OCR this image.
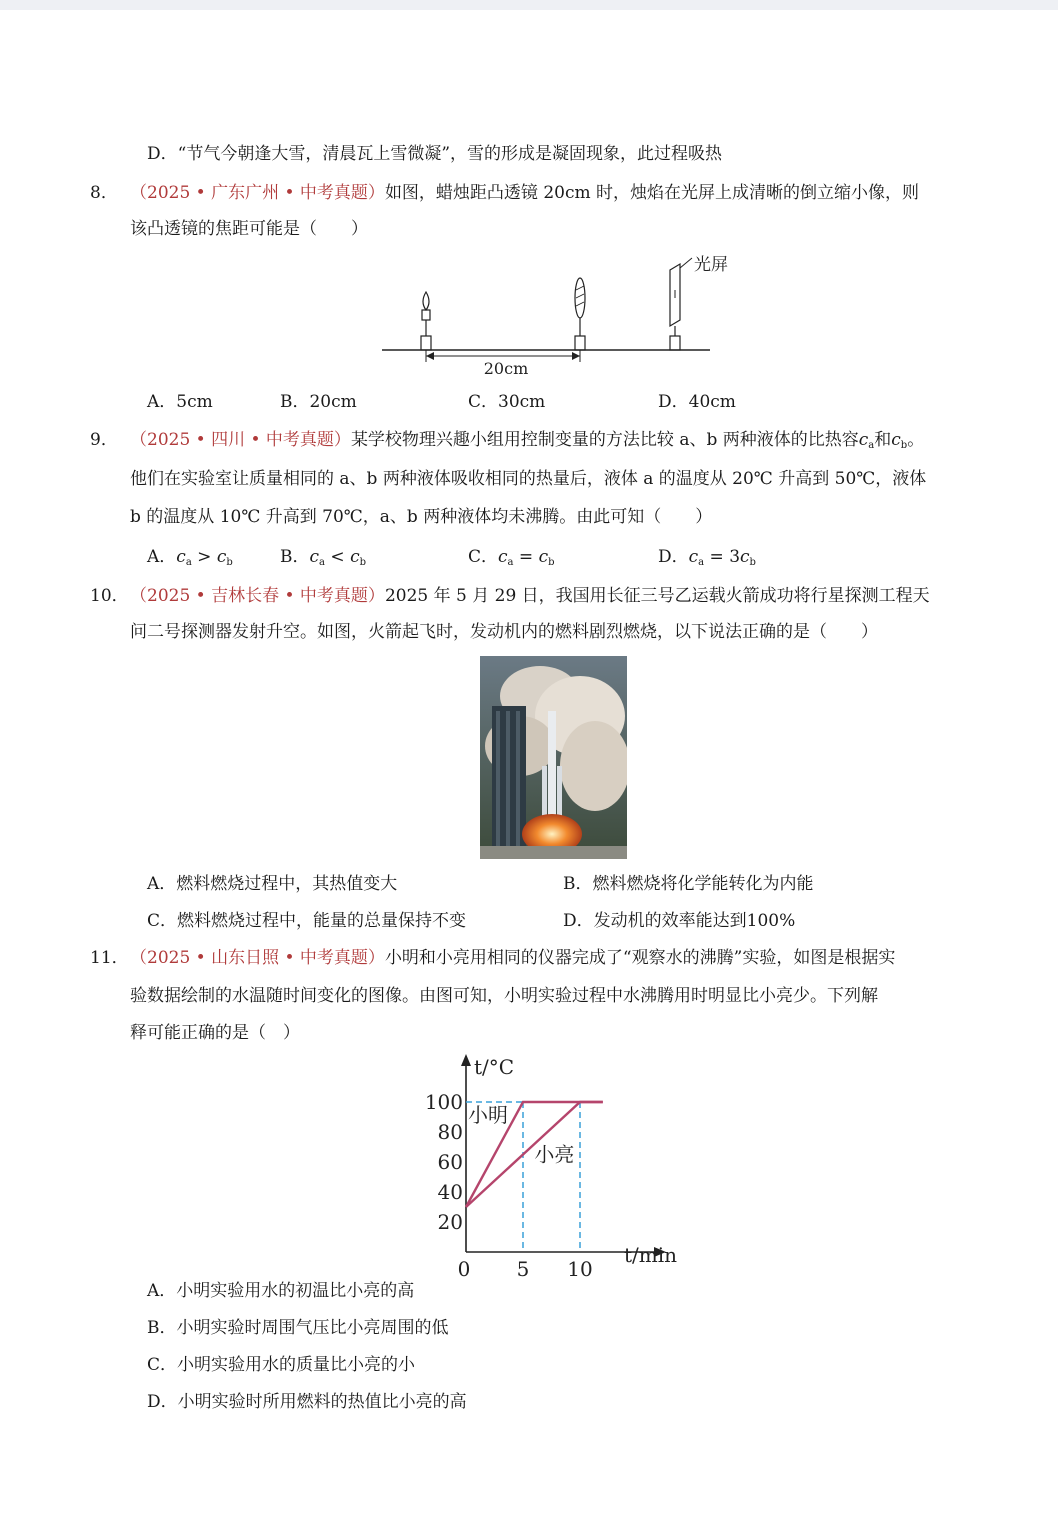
D．“节气今朝逢大雪，清晨瓦上雪微凝”，雪的形成是凝固现象，此过程吸热
8． （2025 • 广东广州 • 中考真题）如图，蜡烛距凸透镜 20cm 时，烛焰在光屏上成清晰的倒立缩小像，则
该凸透镜的焦距可能是（　　）
光屏
20cm
A．5cm	B．20cm	C．30cm	D．40cm
9． （2025 • 四川 • 中考真题）某学校物理兴趣小组用控制变量的方法比较 a、b 两种液体的比热容$c_a$和$c_b$。
他们在实验室让质量相同的 a、b 两种液体吸收相同的热量后，液体 a 的温度从 20℃ 升高到 50℃，液体
b 的温度从 10℃ 升高到 70℃，a、b 两种液体均未沸腾。由此可知（　　）
A．$c_a > c_b$	B．$c_a < c_b$	C．$c_a = c_b$	D．$c_a = 3c_b$
10． （2025 • 吉林长春 • 中考真题）2025 年 5 月 29 日，我国用长征三号乙运载火箭成功将行星探测工程天
问二号探测器发射升空。如图，火箭起飞时，发动机内的燃料剧烈燃烧，以下说法正确的是（　　）
A．燃料燃烧过程中，其热值变大	B．燃料燃烧将化学能转化为内能
C．燃料燃烧过程中，能量的总量保持不变	D．发动机的效率能达到100%
11． （2025 • 山东日照 • 中考真题）小明和小亮用相同的仪器完成了“观察水的沸腾”实验，如图是根据实
验数据绘制的水温随时间变化的图像。由图可知，小明实验过程中水沸腾用时明显比小亮少。下列解
释可能正确的是（　）
t/°C
t/min
20
40
60
80
100
0 5 10
小明
小亮
A．小明实验用水的初温比小亮的高
B．小明实验时周围气压比小亮周围的低
C．小明实验用水的质量比小亮的小
D．小明实验时所用燃料的热值比小亮的高
